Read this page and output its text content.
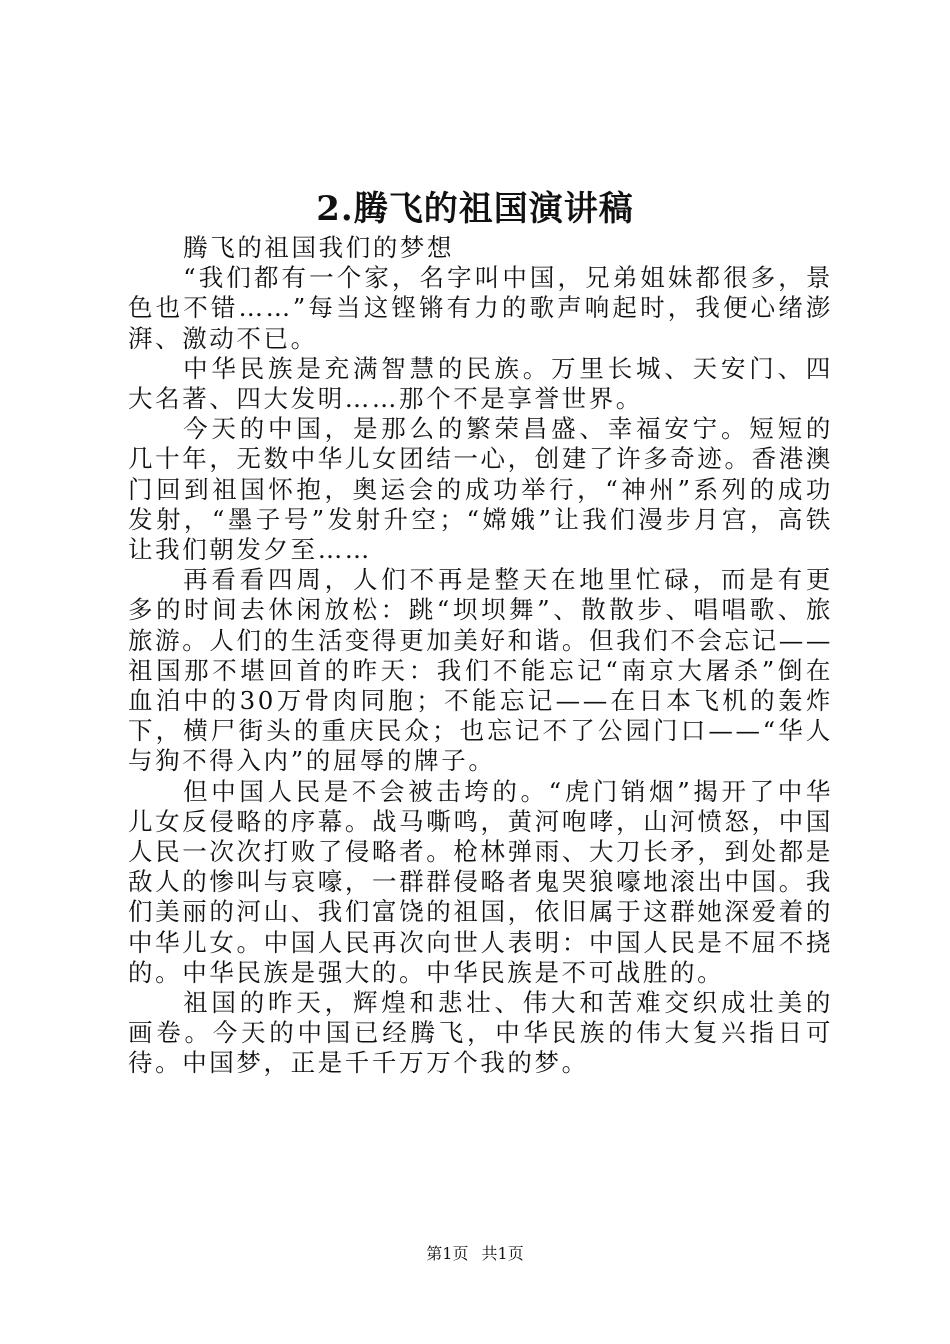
2.腾飞的祖国演讲稿

腾飞的祖国我们的梦想

“我们都有一个家，名字叫中国，兄弟姐妹都很多，景色也不错……”每当这铿锵有力的歌声响起时，我便心绪澎湃、激动不已。

中华民族是充满智慧的民族。万里长城、天安门、四大名著、四大发明……那个不是享誉世界。

今天的中国，是那么的繁荣昌盛、幸福安宁。短短的几十年，无数中华儿女团结一心，创建了许多奇迹。香港澳门回到祖国怀抱，奥运会的成功举行，“神州”系列的成功发射，“墨子号”发射升空；“嫦娥”让我们漫步月宫，高铁让我们朝发夕至……

再看看四周，人们不再是整天在地里忙碌，而是有更多的时间去休闲放松：跳“坝坝舞”、散散步、唱唱歌、旅旅游。人们的生活变得更加美好和谐。但我们不会忘记——祖国那不堪回首的昨天：我们不能忘记“南京大屠杀”倒在血泊中的30万骨肉同胞；不能忘记——在日本飞机的轰炸下，横尸街头的重庆民众；也忘记不了公园门口——“华人与狗不得入内”的屈辱的牌子。

但中国人民是不会被击垮的。“虎门销烟”揭开了中华儿女反侵略的序幕。战马嘶鸣，黄河咆哮，山河愤怒，中国人民一次次打败了侵略者。枪林弹雨、大刀长矛，到处都是敌人的惨叫与哀嚎，一群群侵略者鬼哭狼嚎地滚出中国。我们美丽的河山、我们富饶的祖国，依旧属于这群她深爱着的中华儿女。中国人民再次向世人表明：中国人民是不屈不挠的。中华民族是强大的。中华民族是不可战胜的。

祖国的昨天，辉煌和悲壮、伟大和苦难交织成壮美的画卷。今天的中国已经腾飞，中华民族的伟大复兴指日可待。中国梦，正是千千万万个我的梦。

第1页 共1页
